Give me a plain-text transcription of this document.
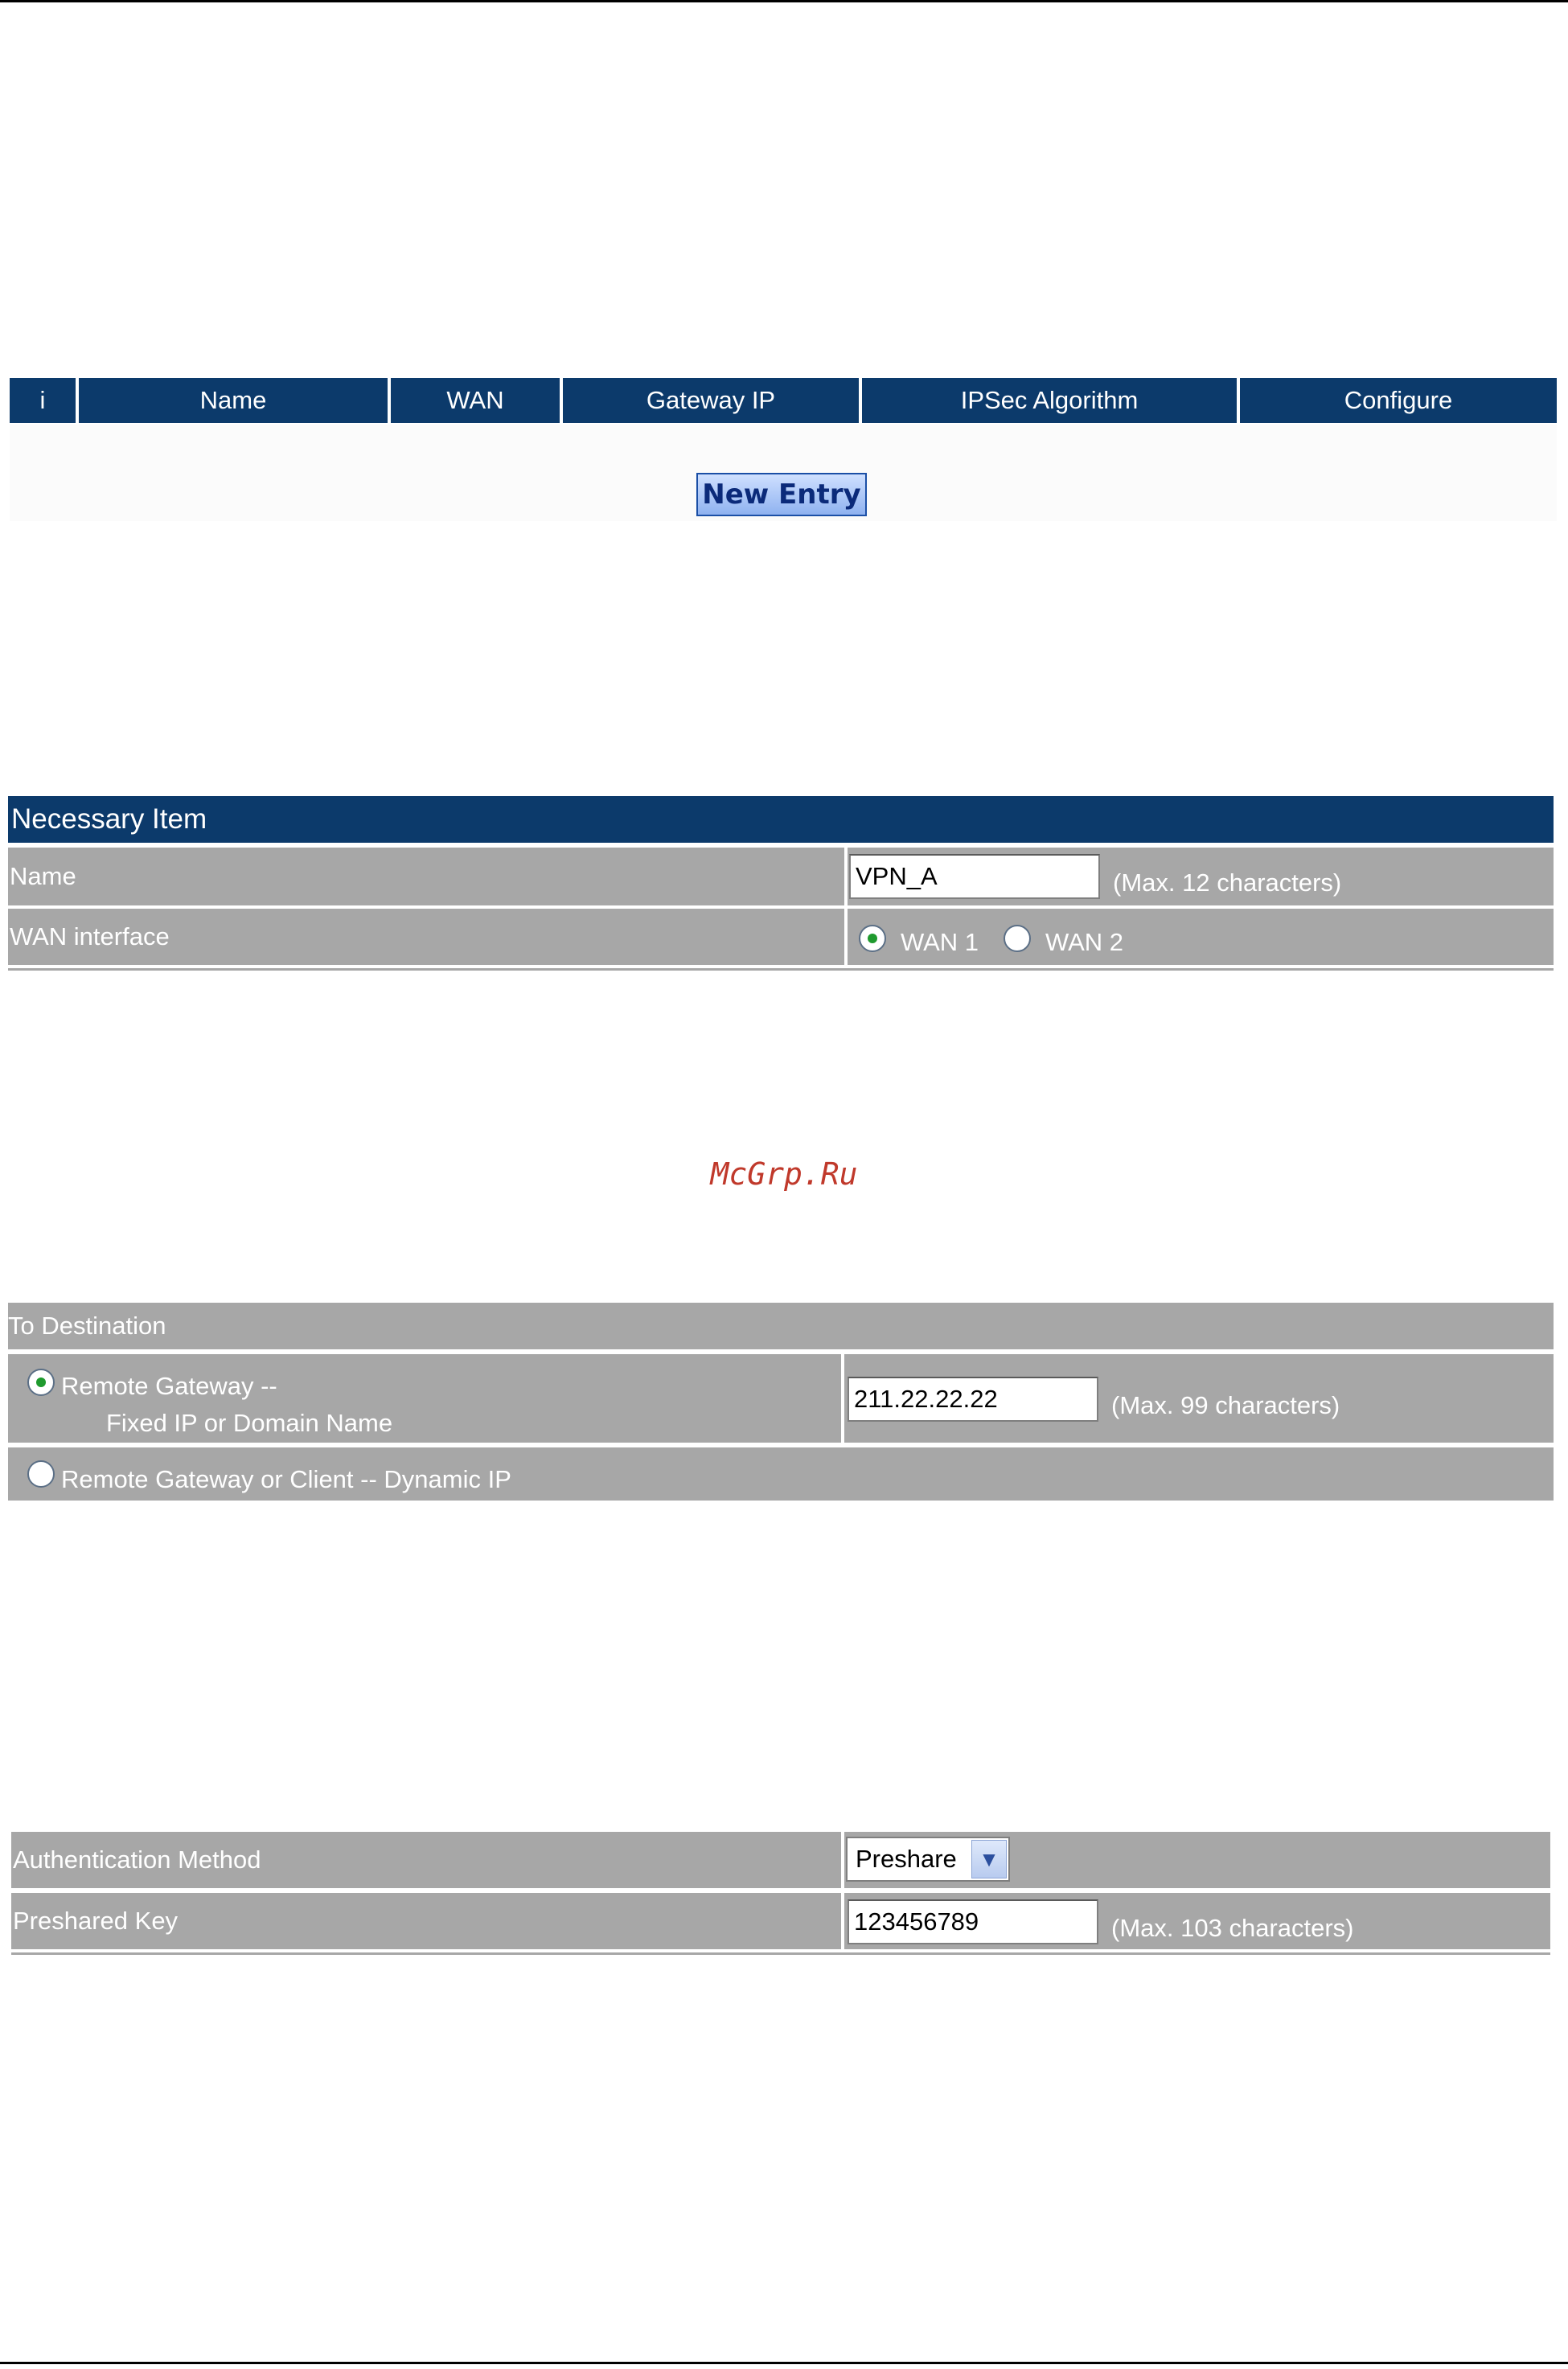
i	Name	WAN	Gateway IP	IPSec Algorithm	Configure
New Entry
Necessary Item
Name	VPN_A	(Max. 12 characters)
WAN interface	WAN 1	WAN 2
McGrp.Ru
To Destination
Remote Gateway --
Fixed IP or Domain Name
211.22.22.22	(Max. 99 characters)
Remote Gateway or Client -- Dynamic IP
Authentication Method	Preshare	▼
Preshared Key	123456789	(Max. 103 characters)
